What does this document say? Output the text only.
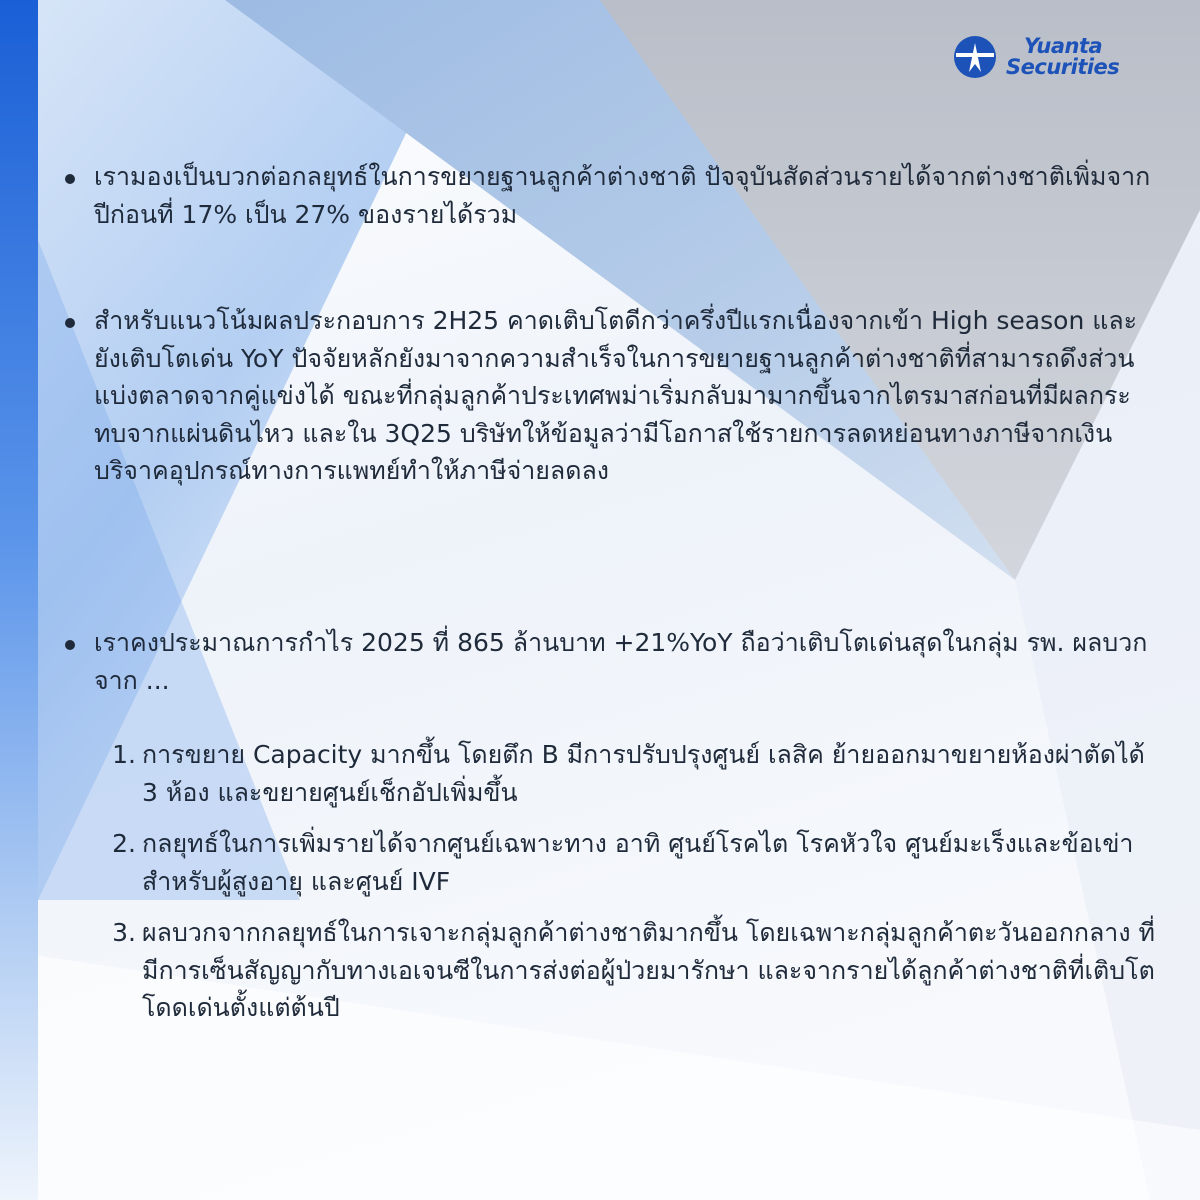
Yuanta
Securities
เรามองเป็นบวกต่อกลยุทธ์ในการขยายฐานลูกค้าต่างชาติ ปัจจุบันสัดส่วนรายได้จากต่างชาติเพิ่มจากปีก่อนที่ 17% เป็น 27% ของรายได้รวม
สำหรับแนวโน้มผลประกอบการ 2H25 คาดเติบโตดีกว่าครึ่งปีแรกเนื่องจากเข้า High season และยังเติบโตเด่น YoY ปัจจัยหลักยังมาจากความสำเร็จในการขยายฐานลูกค้าต่างชาติที่สามารถดึงส่วนแบ่งตลาดจากคู่แข่งได้ ขณะที่กลุ่มลูกค้าประเทศพม่าเริ่มกลับมามากขึ้นจากไตรมาสก่อนที่มีผลกระทบจากแผ่นดินไหว และใน 3Q25 บริษัทให้ข้อมูลว่ามีโอกาสใช้รายการลดหย่อนทางภาษีจากเงินบริจาคอุปกรณ์ทางการแพทย์ทำให้ภาษีจ่ายลดลง
เราคงประมาณการกำไร 2025 ที่ 865 ล้านบาท +21%YoY ถือว่าเติบโตเด่นสุดในกลุ่ม รพ. ผลบวกจาก ...
1. การขยาย Capacity มากขึ้น โดยตึก B มีการปรับปรุงศูนย์ เลสิค ย้ายออกมาขยายห้องผ่าตัดได้ 3 ห้อง และขยายศูนย์เช็กอัปเพิ่มขึ้น
2. กลยุทธ์ในการเพิ่มรายได้จากศูนย์เฉพาะทาง อาทิ ศูนย์โรคไต โรคหัวใจ ศูนย์มะเร็งและข้อเข่าสำหรับผู้สูงอายุ และศูนย์ IVF
3. ผลบวกจากกลยุทธ์ในการเจาะกลุ่มลูกค้าต่างชาติมากขึ้น โดยเฉพาะกลุ่มลูกค้าตะวันออกกลาง ที่มีการเซ็นสัญญากับทางเอเจนซีในการส่งต่อผู้ป่วยมารักษา และจากรายได้ลูกค้าต่างชาติที่เติบโตโดดเด่นตั้งแต่ต้นปี
